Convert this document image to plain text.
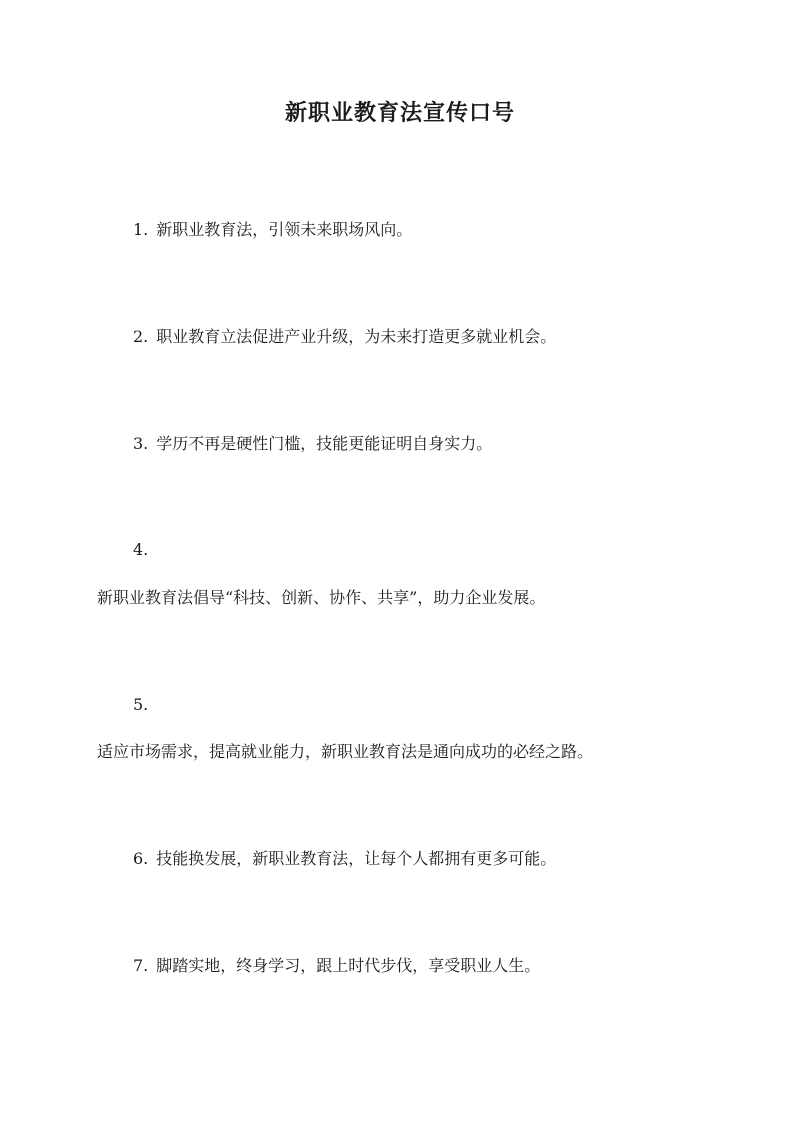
新职业教育法宣传口号

1. 新职业教育法，引领未来职场风向。

2. 职业教育立法促进产业升级，为未来打造更多就业机会。

3. 学历不再是硬性门槛，技能更能证明自身实力。

4.

新职业教育法倡导“科技、创新、协作、共享”，助力企业发展。

5.

适应市场需求，提高就业能力，新职业教育法是通向成功的必经之路。

6. 技能换发展，新职业教育法，让每个人都拥有更多可能。

7. 脚踏实地，终身学习，跟上时代步伐，享受职业人生。
